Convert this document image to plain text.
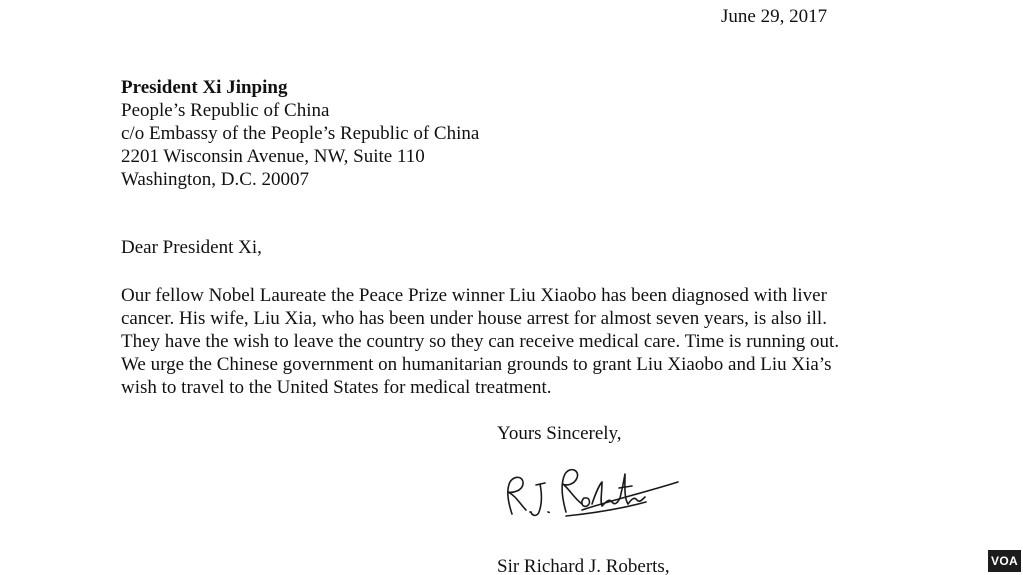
June 29, 2017
President Xi Jinping
People’s Republic of China
c/o Embassy of the People’s Republic of China
2201 Wisconsin Avenue, NW, Suite 110
Washington, D.C. 20007
Dear President Xi,
Our fellow Nobel Laureate the Peace Prize winner Liu Xiaobo has been diagnosed with liver
cancer. His wife, Liu Xia, who has been under house arrest for almost seven years, is also ill.
They have the wish to leave the country so they can receive medical care. Time is running out.
We urge the Chinese government on humanitarian grounds to grant Liu Xiaobo and Liu Xia’s
wish to travel to the United States for medical treatment.
Yours Sincerely,
Sir Richard J. Roberts,	VOA
